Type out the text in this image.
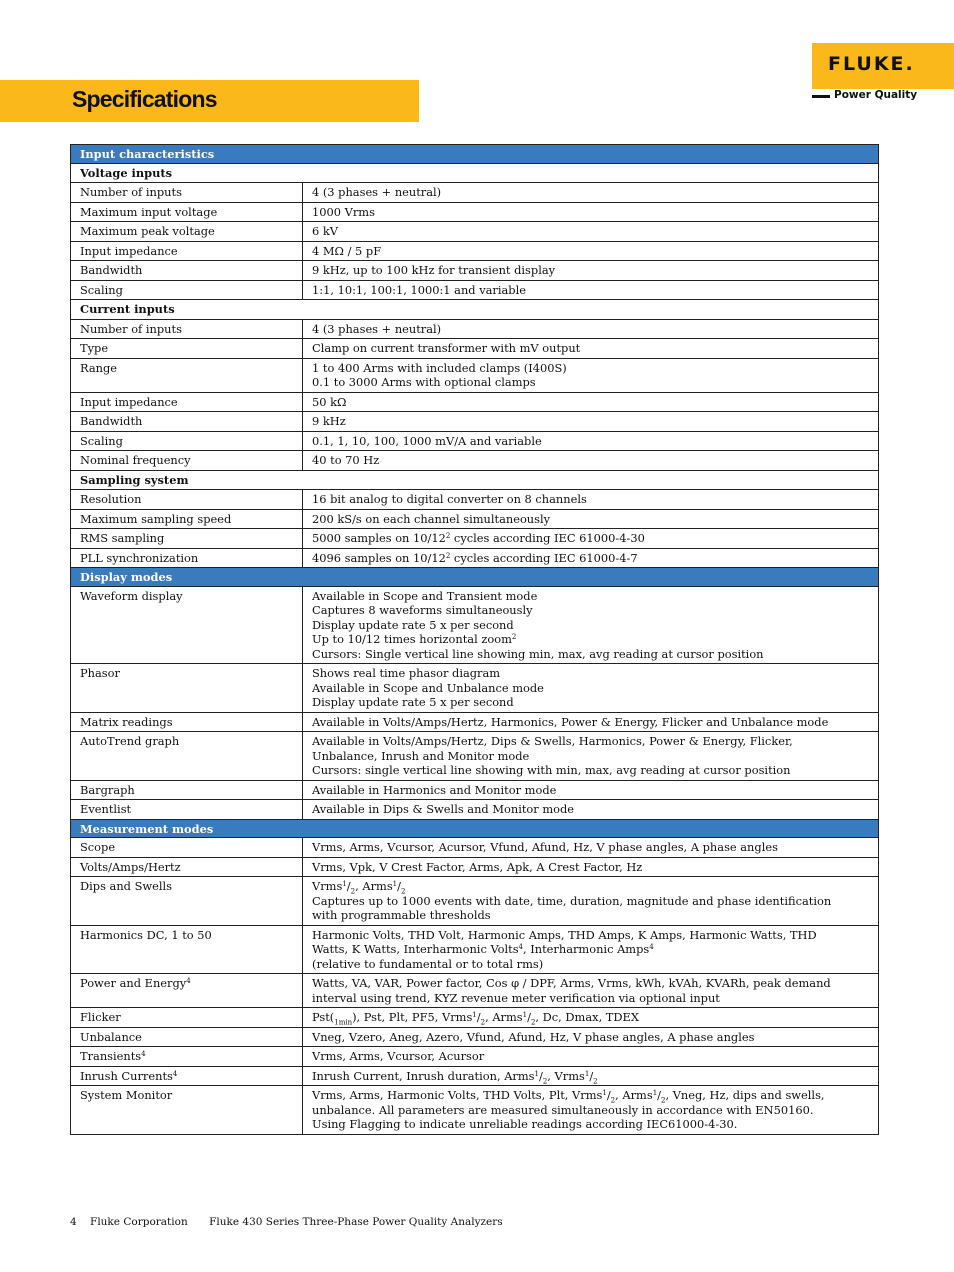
Specifications
FLUKE.
Power Quality
Input characteristics	
Voltage inputs	
Number of inputs	4 (3 phases + neutral)
Maximum input voltage	1000 Vrms
Maximum peak voltage	6 kV
Input impedance	4 MΩ / 5 pF
Bandwidth	9 kHz, up to 100 kHz for transient display
Scaling	1:1, 10:1, 100:1, 1000:1 and variable
Current inputs	
Number of inputs	4 (3 phases + neutral)
Type	Clamp on current transformer with mV output
Range	1 to 400 Arms with included clamps (I400S)
0.1 to 3000 Arms with optional clamps

Input impedance	50 kΩ
Bandwidth	9 kHz
Scaling	0.1, 1, 10, 100, 1000 mV/A and variable
Nominal frequency	40 to 70 Hz
Sampling system	
Resolution	16 bit analog to digital converter on 8 channels
Maximum sampling speed	200 kS/s on each channel simultaneously
RMS sampling	5000 samples on $10/12^2$ cycles according IEC 61000-4-30
PLL synchronization	4096 samples on $10/12^2$ cycles according IEC 61000-4-7
Display modes	
Waveform display	Available in Scope and Transient mode
Captures 8 waveforms simultaneously
Display update rate 5 x per second
Up to 10/12 times horizontal zoom$^2$
Cursors: Single vertical line showing min, max, avg reading at cursor position

Phasor	Shows real time phasor diagram
Available in Scope and Unbalance mode
Display update rate 5 x per second

Matrix readings	Available in Volts/Amps/Hertz, Harmonics, Power & Energy, Flicker and Unbalance mode
AutoTrend graph	Available in Volts/Amps/Hertz, Dips & Swells, Harmonics, Power & Energy, Flicker,
Unbalance, Inrush and Monitor mode
Cursors: single vertical line showing with min, max, avg reading at cursor position

Bargraph	Available in Harmonics and Monitor mode
Eventlist	Available in Dips & Swells and Monitor mode
Measurement modes	
Scope	Vrms, Arms, Vcursor, Acursor, Vfund, Afund, Hz, V phase angles, A phase angles
Volts/Amps/Hertz	Vrms, Vpk, V Crest Factor, Arms, Apk, A Crest Factor, Hz
Dips and Swells	$Vrms^1/_2$, $Arms^1/_2$
Captures up to 1000 events with date, time, duration, magnitude and phase identification
with programmable thresholds

Harmonics DC, 1 to 50	Harmonic Volts, THD Volt, Harmonic Amps, THD Amps, K Amps, Harmonic Watts, THD
Watts, K Watts, Interharmonic Volts$^4$, Interharmonic Amps$^4$
(relative to fundamental or to total rms)

Power and Energy$^4$	Watts, VA, VAR, Power factor, Cos φ / DPF, Arms, Vrms, kWh, kVAh, KVARh, peak demand
interval using trend, KYZ revenue meter verification via optional input

Flicker	$Pst(_{1min})$, Pst, Plt, PF5, $Vrms^1/_2$, $Arms^1/_2$, Dc, Dmax, TDEX
Unbalance	Vneg, Vzero, Aneg, Azero, Vfund, Afund, Hz, V phase angles, A phase angles
Transients$^4$	Vrms, Arms, Vcursor, Acursor
Inrush Currents$^4$	Inrush Current, Inrush duration, $Arms^1/_2$, $Vrms^1/_2$
System Monitor	Vrms, Arms, Harmonic Volts, THD Volts, Plt, $Vrms^1/_2$, $Arms^1/_2$, Vneg, Hz, dips and swells,
unbalance. All parameters are measured simultaneously in accordance with EN50160.
Using Flagging to indicate unreliable readings according IEC61000-4-30.
4 Fluke Corporation Fluke 430 Series Three-Phase Power Quality Analyzers
